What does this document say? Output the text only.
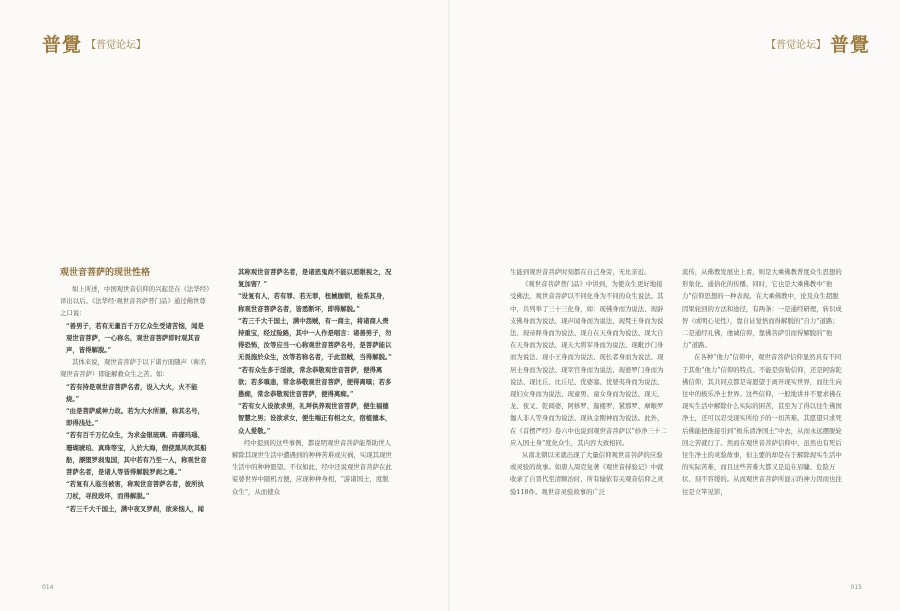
普覺 【普觉论坛】
观世音菩萨的现世性格

如上所述，中国观世音信仰的兴起是在《法华经》译出以后。《法华经·观世音菩萨普门品》通过佛世尊之口说：

“善男子，若有无量百千万亿众生受诸苦恼，闻是观世音菩萨，一心称名，观世音菩萨即时观其音声，皆得解脱。”

其体来说，观世音菩萨于以下诸方面随声（称名观世音菩萨）即能解救众生之苦。如：

“若有持是观世音菩萨名者，设入大火，火不能烧。”

“由是菩萨威神力故。若为大水所漂，称其名号，即得浅处。”

“若有百千万亿众生，为求金银琉璃、砗磲玛瑙、珊瑚琥珀、真珠等宝，入於大海，假使黑风吹其船舫，漂堕罗刹鬼国，其中若有乃至一人，称观世音菩萨名者，是诸人等皆得解脱罗刹之难。”

“若复有人临当被害，称观世音菩萨名者，彼所执刀杖，寻段段坏，而得解脱。”

“若三千大千国土，满中夜叉罗刹，欲来恼人，闻

其称观世音菩萨名者，是诸恶鬼尚不能以恶眼视之，况复加害？”

“设复有人，若有罪、若无罪，杻械枷锁，检系其身，称观世音菩萨名者，皆悉断坏，即得解脱。”

“若三千大千国土，满中怨贼，有一商主，将诸商人赍持重宝，经过险路，其中一人作是唱言：诸善男子，勿得恐怖，汝等应当一心称观世音菩萨名号，是菩萨能以无畏施於众生，汝等若称名者，于此怨贼，当得解脱。”

“若有众生多于淫欲，常念恭敬观世音菩萨，便得离欲；若多嗔恚，常念恭敬观世音菩萨，便得离嗔；若多愚痴，常念恭敬观世音菩萨，便得离痴。”

“若有女人设欲求男，礼拜供养观世音菩萨，便生福德智慧之男；设欲求女，便生端正有相之女，宿植德本，众人爱敬。”

经中提到的这些事例，都说明观世音菩萨能帮助世人解除其现世生活中遭遇到的种种苦难或灾祸，实现其现世生活中的种种愿望。不仅如此，经中还说观世音菩萨在此娑婆世界中随机方便，应现种种身相，“游诸国土，度脱众生”，从而使众

014
【普觉论坛】 普覺

生能到观世音菩萨时刻都在自己身旁，无比亲近。

《观世音菩萨普门品》中讲到，为使众生更好地接受佛法，观世音菩萨以不同化身为不同的众生说法。其中，共列举了三十三化身，如：现佛身而为说法、现辟支佛身而为说法、现声闻身而为说法、现梵王身而为说法、现帝释身而为说法、现自在天身而为说法、现大自在天身而为说法、现天大将军身而为说法、现毗沙门身而为说法、现小王身而为说法、现长者身而为说法、现居士身而为说法、现宰官身而为说法、现婆罗门身而为说法、现比丘、比丘尼、优婆塞、优婆夷身而为说法、现妇女身而为说法、现童男、童女身而为说法、现天、龙、夜叉、乾闼婆、阿修罗、迦楼罗、紧那罗、摩睺罗伽人非人等身而为说法、现执金刚神而为说法。此外，在《首楞严经》卷六中也说到观世音菩萨以“妙净三十二应入国土身”度化众生，其内容大致相同。

从南北朝以来就出现了大量信仰观世音菩萨的应验或灵验的故事。如唐人周克复著《观世音持验记》中就收录了自晋代至清顺治时，所有输依有关观音信仰之灵验118件。观世音灵验故事的广泛

流传，从佛教发展史上看，则是大乘佛教普度众生思想的形象化、通俗化的传播。同时，它也是大乘佛教中“他力”信仰思想的一种表现。在大乘佛教中，论及众生超脱因果轮回的方法和途径，有两条：一是通经研理，转识成智（或明心见性），靠自证觉悟而得解脱的“自力”道路；二是通经礼佛，虔诚信仰，靠佛菩萨引而得解脱的“他力”道路。

在各种“他力”信仰中，观世音菩萨信仰显然具有不同于其他“他力”信仰的特点。不能是弥勒信仰，还是阿弥陀佛信仰，其共同点都是寄愿望于离开现实世界，而往生向往中的极乐净土世界。这些信仰，一般地讲并不要求佛在现实生活中解除什么实际的困苦，甚至为了得以往生佛国净土，还可以忍受现实所给予的一切苦难。其愿望只求死后佛能把他接引到“极乐清净国土”中去，从而永远摆脱轮回之苦就行了。然而在观世音菩萨信仰中，虽然也有死后往生净土的灵验故事，但主要的却是在于解除现实生活中的实际苦难，而且这些苦难大都又是迫在眉睫、危险万状、刻不容缓的。从而观世音菩萨所显示的神力因而也往往是立竿见影，

015
